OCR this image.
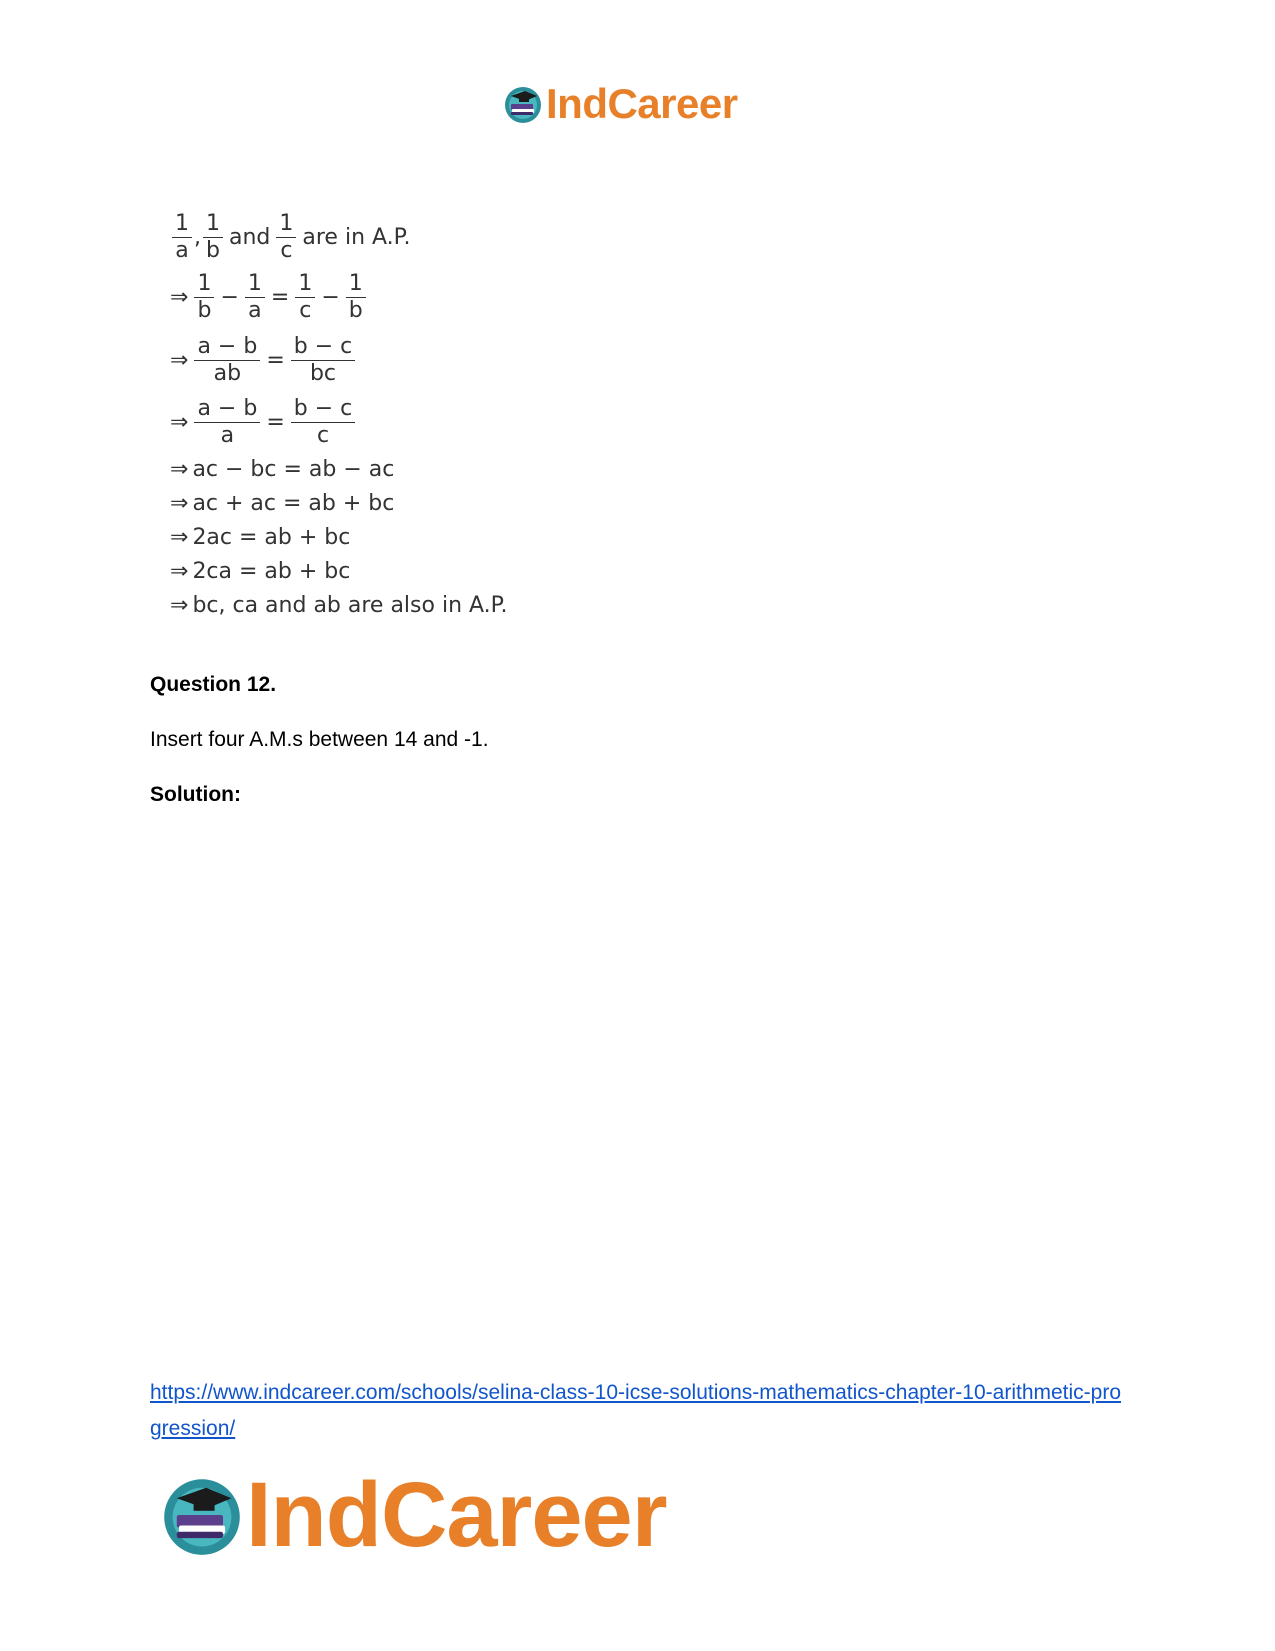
IndCareer
$\frac{1}{a}$ , $\frac{1}{b}$ and $\frac{1}{c}$ are in A.P.
⇒ $\frac{1}{b} - \frac{1}{a} = \frac{1}{c} - \frac{1}{b}$
⇒ $\frac{a - b}{ab} = \frac{b - c}{bc}$
⇒ $\frac{a - b}{a} = \frac{b - c}{c}$
⇒ ac − bc = ab − ac
⇒ ac + ac = ab + bc
⇒ 2ac = ab + bc
⇒ 2ca = ab + bc
⇒ bc, ca and ab are also in A.P.
Question 12.
Insert four A.M.s between 14 and -1.
Solution:
https://www.indcareer.com/schools/selina-class-10-icse-solutions-mathematics-chapter-10-arithmetic-progression/
IndCareer
